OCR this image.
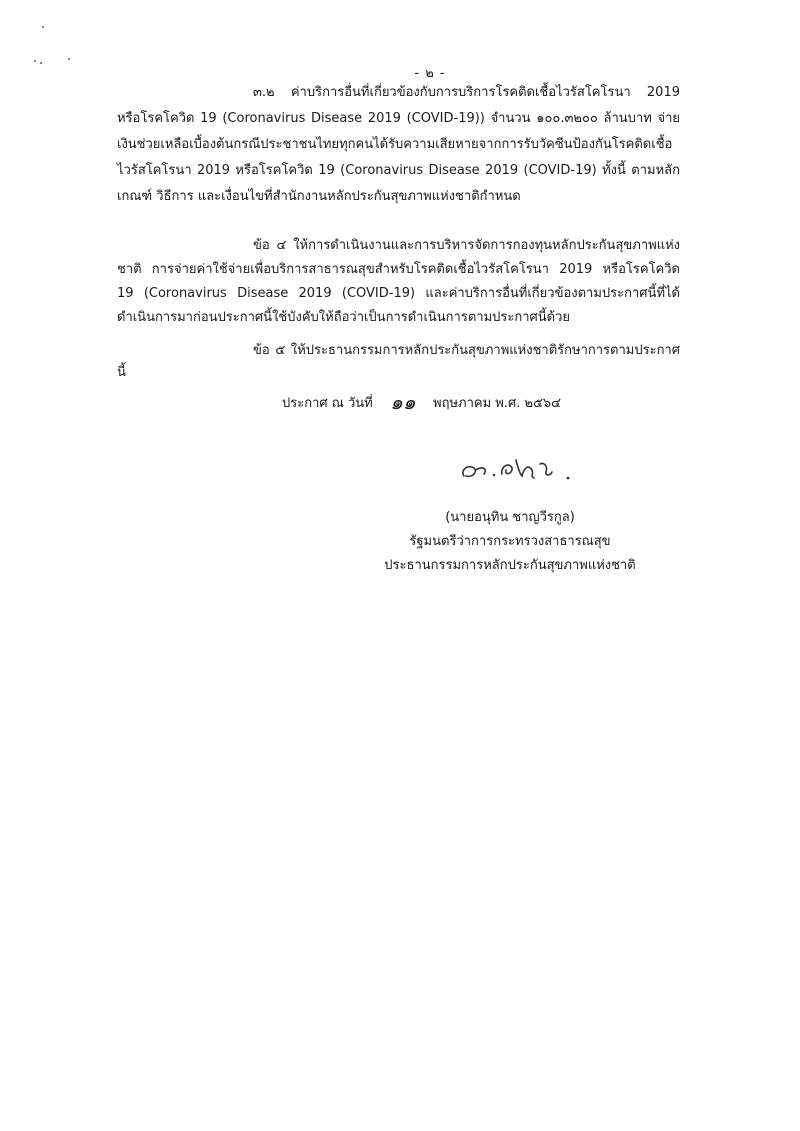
- ๒ -
๓.๒ ค่าบริการอื่นที่เกี่ยวข้องกับการบริการโรคติดเชื้อไวรัสโคโรนา 2019 หรือโรคโควิด 19 (Coronavirus Disease 2019 (COVID-19)) จำนวน ๑๐๐.๓๒๐๐ ล้านบาท จ่ายเงินช่วยเหลือเบื้องต้นกรณีประชาชนไทยทุกคนได้รับความเสียหายจากการรับวัคซีนป้องกันโรคติดเชื้อไวรัสโคโรนา 2019 หรือโรคโควิด 19 (Coronavirus Disease 2019 (COVID-19) ทั้งนี้ ตามหลักเกณฑ์ วิธีการ และเงื่อนไขที่สำนักงานหลักประกันสุขภาพแห่งชาติกำหนด
ข้อ ๔ ให้การดำเนินงานและการบริหารจัดการกองทุนหลักประกันสุขภาพแห่งชาติ การจ่ายค่าใช้จ่ายเพื่อบริการสาธารณสุขสำหรับโรคติดเชื้อไวรัสโคโรนา 2019 หรือโรคโควิด 19 (Coronavirus Disease 2019 (COVID-19) และค่าบริการอื่นที่เกี่ยวข้องตามประกาศนี้ที่ได้ดำเนินการมาก่อนประกาศนี้ใช้บังคับให้ถือว่าเป็นการดำเนินการตามประกาศนี้ด้วย
ข้อ ๕ ให้ประธานกรรมการหลักประกันสุขภาพแห่งชาติรักษาการตามประกาศนี้
ประกาศ ณ วันที่ ๑๑ พฤษภาคม พ.ศ. ๒๕๖๔
(นายอนุทิน ชาญวีรกูล)
รัฐมนตรีว่าการกระทรวงสาธารณสุข
ประธานกรรมการหลักประกันสุขภาพแห่งชาติ
